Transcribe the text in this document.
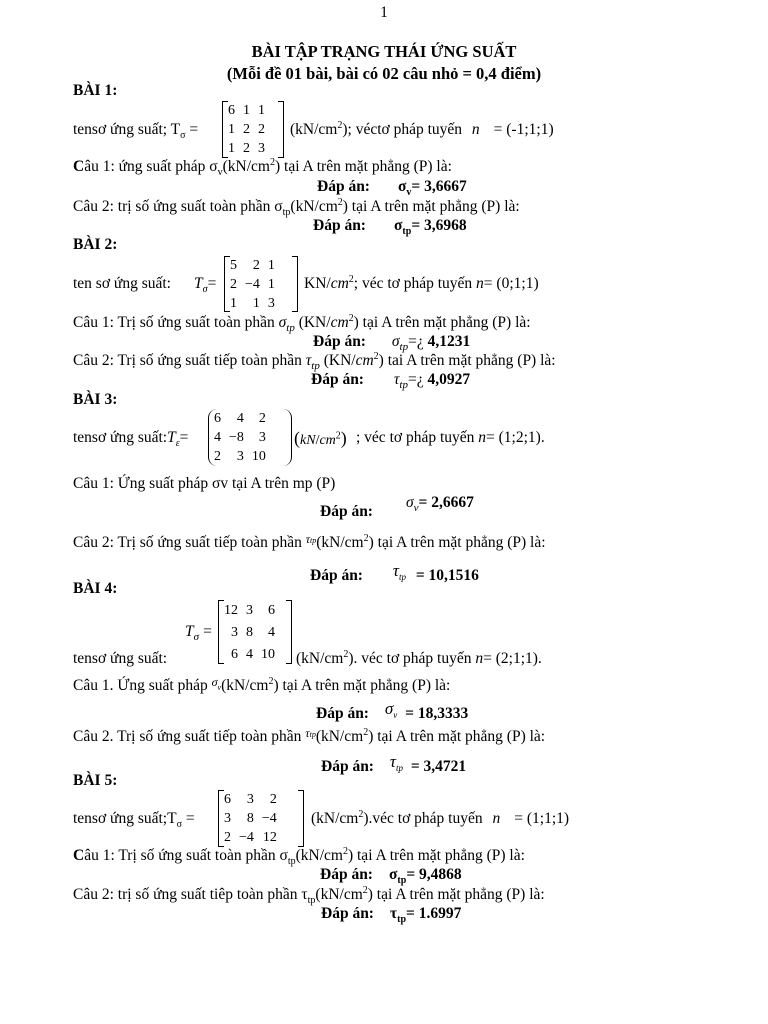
1
BÀI TẬP TRẠNG THÁI ỨNG SUẤT
(Mỗi đề 01 bài, bài có 02 câu nhỏ = 0,4 điểm)
BÀI 1:
tensơ ứng suất; $T_\sigma$ =
6	1	1
1	2	2
1	2	3
$(kN/cm^2)$; véctơ pháp tuyến n = (-1;1;1)
Câu 1: ứng suất pháp $\sigma_v(kN/cm^2)$ tại A trên mặt phẳng (P) là:
Đáp án: $\sigma_v= 3,6667$
Câu 2: trị số ứng suất toàn phần $\sigma_{tp}(kN/cm^2)$ tại A trên mặt phẳng (P) là:
Đáp án: $\sigma_{tp}= 3,6968$
BÀI 2:
ten sơ ứng suất: $T_\sigma=$
5	2	1
2	−4	1
1	1	3
$KN/cm^2$; véc tơ pháp tuyến n= (0;1;1)
Câu 1: Trị số ứng suất toàn phần $\sigma_{tp}$ $(KN/cm^2)$ tại A trên mặt phẳng (P) là:
Đáp án: $\sigma_{tp}=¿$ 4,1231
Câu 2: Trị số ứng suất tiếp toàn phần $\tau_{tp}$ $(KN/cm^2)$ tai A trên mặt phẳng (P) là:
Đáp án: $\tau_{tp}=¿$ 4,0927
BÀI 3:
tensơ ứng $suất:T_\varepsilon=$
6	4	2
4	−8	3
2	3	10
$(kN/cm^2)$ ; véc tơ pháp tuyến n= (1;2;1).
Câu 1: Ứng suất pháp σv tại A trên mp (P)
Đáp án:
$\sigma_v= 2,6667$
Câu 2: Trị số ứng suất tiếp toàn phần $^{\tau tp}(kN/cm^2)$ tại A trên mặt phẳng (P) là:
Đáp án: τtp = 10,1516
BÀI 4:
$T_\sigma$ =
12	3	6
3	8	4
6	4	10
tensơ ứng suất:	$(kN/cm^2)$. véc tơ pháp tuyến n= (2;1;1).
Câu 1. Ứng suất pháp $^\sigma v(kN/cm^2)$ tại A trên mặt phẳng (P) là:
Đáp án: σv = 18,3333
Câu 2. Trị số ứng suất tiếp toàn phần $^{\tau tp}(kN/cm^2)$ tại A trên mặt phẳng (P) là:
Đáp án: τtp = 3,4721
BÀI 5:
tensơ ứng $suất;T_\sigma$ =
6	3	2
3	8	−4
2	−4	12
$(kN/cm^2).véc$ tơ pháp tuyến n = (1;1;1)
Câu 1: Trị số ứng suất toàn phần $\sigma_{tp}(kN/cm^2)$ tại A trên mặt phẳng (P) là:
Đáp án: $\sigma_{tp}= 9,4868$
Câu 2: trị số ứng suất tiêp toàn phần $\tau_{tp}(kN/cm^2)$ tại A trên mặt phẳng (P) là:
Đáp án: $\tau_{tp}= 1.6997$
